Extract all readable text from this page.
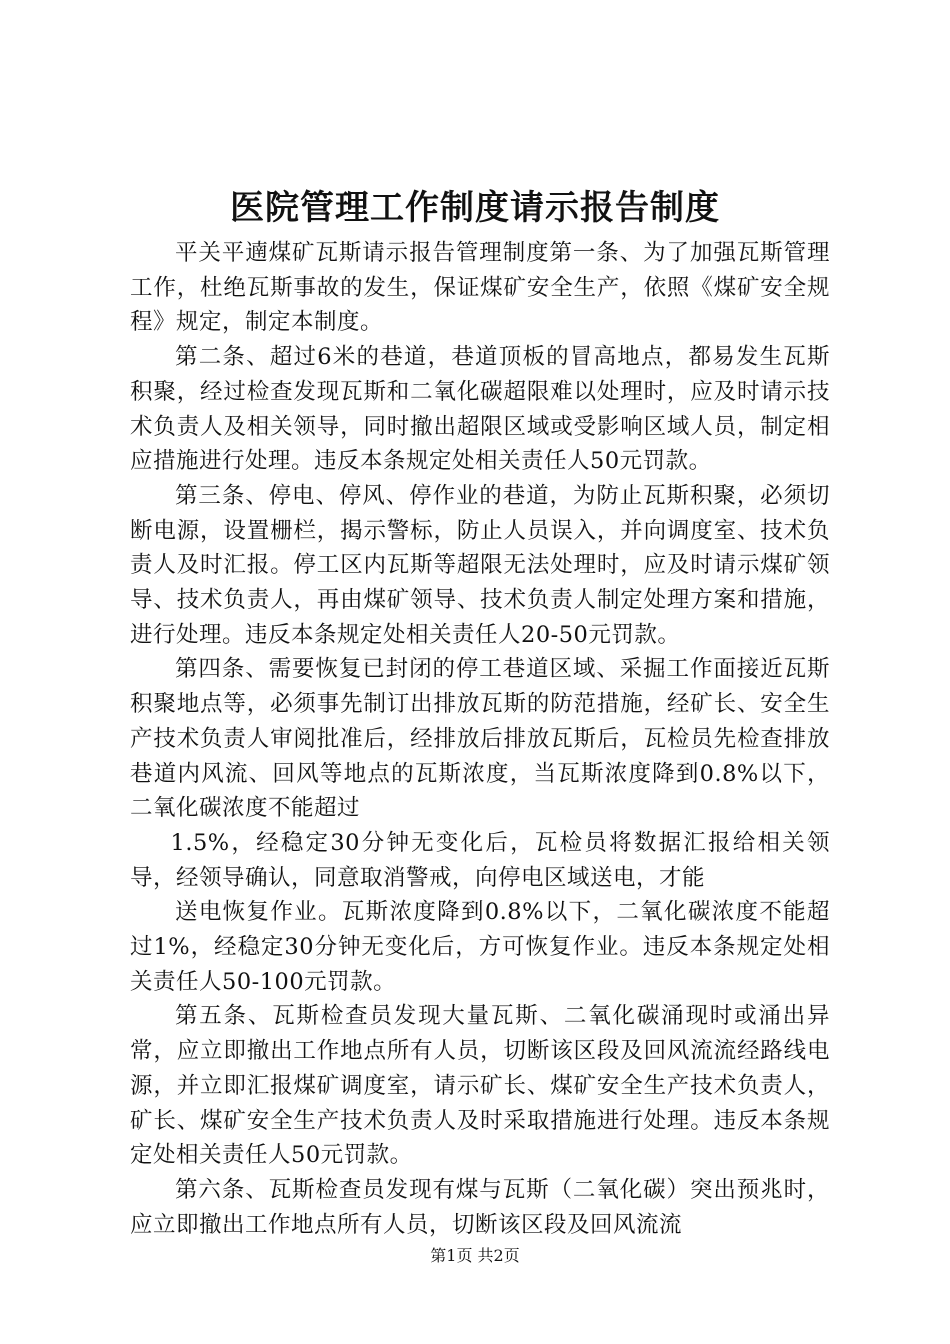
医院管理工作制度请示报告制度

平关平遖煤矿瓦斯请示报告管理制度第一条、为了加强瓦斯管理工作，杜绝瓦斯事故的发生，保证煤矿安全生产，依照《煤矿安全规程》规定，制定本制度。

第二条、超过6米的巷道，巷道顶板的冒高地点，都易发生瓦斯积聚，经过检查发现瓦斯和二氧化碳超限难以处理时，应及时请示技术负责人及相关领导，同时撤出超限区域或受影响区域人员，制定相应措施进行处理。违反本条规定处相关责任人50元罚款。

第三条、停电、停风、停作业的巷道，为防止瓦斯积聚，必须切断电源，设置栅栏，揭示警标，防止人员误入，并向调度室、技术负责人及时汇报。停工区内瓦斯等超限无法处理时，应及时请示煤矿领导、技术负责人，再由煤矿领导、技术负责人制定处理方案和措施，进行处理。违反本条规定处相关责任人20-50元罚款。

第四条、需要恢复已封闭的停工巷道区域、采掘工作面接近瓦斯积聚地点等，必须事先制订出排放瓦斯的防范措施，经矿长、安全生产技术负责人审阅批准后，经排放后排放瓦斯后，瓦检员先检查排放巷道内风流、回风等地点的瓦斯浓度，当瓦斯浓度降到0.8%以下，二氧化碳浓度不能超过

1.5%，经稳定30分钟无变化后，瓦检员将数据汇报给相关领导，经领导确认，同意取消警戒，向停电区域送电，才能

送电恢复作业。瓦斯浓度降到0.8%以下，二氧化碳浓度不能超过1%，经稳定30分钟无变化后，方可恢复作业。违反本条规定处相关责任人50-100元罚款。

第五条、瓦斯检查员发现大量瓦斯、二氧化碳涌现时或涌出异常，应立即撤出工作地点所有人员，切断该区段及回风流流经路线电源，并立即汇报煤矿调度室，请示矿长、煤矿安全生产技术负责人，矿长、煤矿安全生产技术负责人及时采取措施进行处理。违反本条规定处相关责任人50元罚款。

第六条、瓦斯检查员发现有煤与瓦斯（二氧化碳）突出预兆时，应立即撤出工作地点所有人员，切断该区段及回风流流

第1页 共2页
